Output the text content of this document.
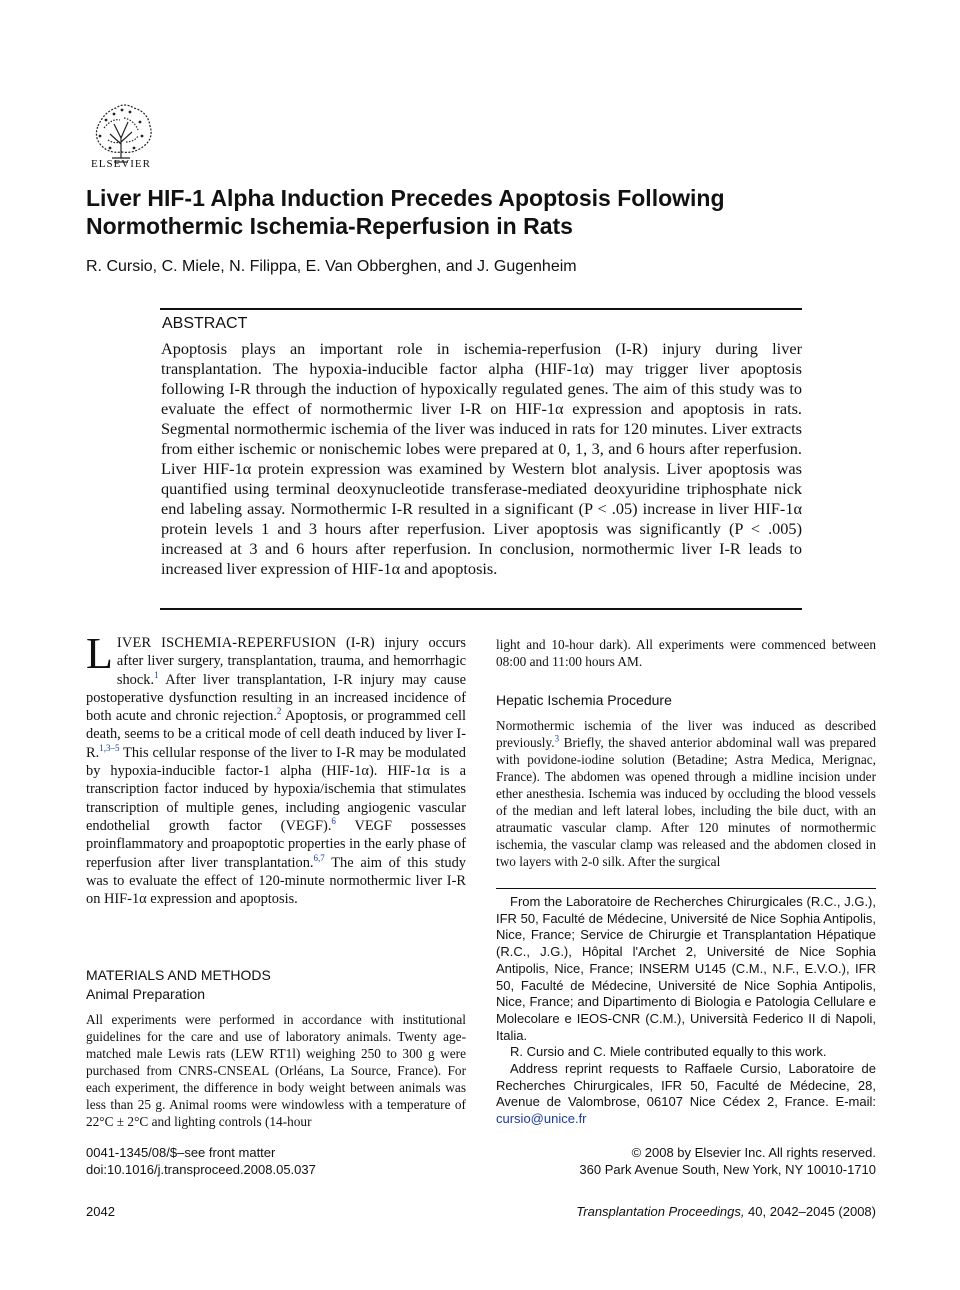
ELSEVIER
Liver HIF-1 Alpha Induction Precedes Apoptosis Following Normothermic Ischemia-Reperfusion in Rats
R. Cursio, C. Miele, N. Filippa, E. Van Obberghen, and J. Gugenheim
ABSTRACT

Apoptosis plays an important role in ischemia-reperfusion (I-R) injury during liver transplantation. The hypoxia-inducible factor alpha (HIF-1α) may trigger liver apoptosis following I-R through the induction of hypoxically regulated genes. The aim of this study was to evaluate the effect of normothermic liver I-R on HIF-1α expression and apoptosis in rats. Segmental normothermic ischemia of the liver was induced in rats for 120 minutes. Liver extracts from either ischemic or nonischemic lobes were prepared at 0, 1, 3, and 6 hours after reperfusion. Liver HIF-1α protein expression was examined by Western blot analysis. Liver apoptosis was quantified using terminal deoxynucleotide transferase-mediated deoxyuridine triphosphate nick end labeling assay. Normothermic I-R resulted in a significant (P < .05) increase in liver HIF-1α protein levels 1 and 3 hours after reperfusion. Liver apoptosis was significantly (P < .005) increased at 3 and 6 hours after reperfusion. In conclusion, normothermic liver I-R leads to increased liver expression of HIF-1α and apoptosis.

LIVER ISCHEMIA-REPERFUSION (I-R) injury occurs after liver surgery, transplantation, trauma, and hemorrhagic shock.$^1$ After liver transplantation, I-R injury may cause postoperative dysfunction resulting in an increased incidence of both acute and chronic rejection.$^2$ Apoptosis, or programmed cell death, seems to be a critical mode of cell death induced by liver I-R.$^{1,3-5}$ This cellular response of the liver to I-R may be modulated by hypoxia-inducible factor-1 alpha (HIF-1α). HIF-1α is a transcription factor induced by hypoxia/ischemia that stimulates transcription of multiple genes, including angiogenic vascular endothelial growth factor (VEGF).$^6$ VEGF possesses proinflammatory and proapoptotic properties in the early phase of reperfusion after liver transplantation.$^{6,7}$ The aim of this study was to evaluate the effect of 120-minute normothermic liver I-R on HIF-1α expression and apoptosis.

MATERIALS AND METHODS
Animal Preparation

All experiments were performed in accordance with institutional guidelines for the care and use of laboratory animals. Twenty age-matched male Lewis rats (LEW RT1l) weighing 250 to 300 g were purchased from CNRS-CNSEAL (Orléans, La Source, France). For each experiment, the difference in body weight between animals was less than 25 g. Animal rooms were windowless with a temperature of 22°C ± 2°C and lighting controls (14-hour

light and 10-hour dark). All experiments were commenced between 08:00 and 11:00 hours AM.

Hepatic Ischemia Procedure

Normothermic ischemia of the liver was induced as described previously.$^3$ Briefly, the shaved anterior abdominal wall was prepared with povidone-iodine solution (Betadine; Astra Medica, Merignac, France). The abdomen was opened through a midline incision under ether anesthesia. Ischemia was induced by occluding the blood vessels of the median and left lateral lobes, including the bile duct, with an atraumatic vascular clamp. After 120 minutes of normothermic ischemia, the vascular clamp was released and the abdomen closed in two layers with 2-0 silk. After the surgical

From the Laboratoire de Recherches Chirurgicales (R.C., J.G.), IFR 50, Faculté de Médecine, Université de Nice Sophia Antipolis, Nice, France; Service de Chirurgie et Transplantation Hépatique (R.C., J.G.), Hôpital l'Archet 2, Université de Nice Sophia Antipolis, Nice, France; INSERM U145 (C.M., N.F., E.V.O.), IFR 50, Faculté de Médecine, Université de Nice Sophia Antipolis, Nice, France; and Dipartimento di Biologia e Patologia Cellulare e Molecolare e IEOS-CNR (C.M.), Università Federico II di Napoli, Italia.
R. Cursio and C. Miele contributed equally to this work.
Address reprint requests to Raffaele Cursio, Laboratoire de Recherches Chirurgicales, IFR 50, Faculté de Médecine, 28, Avenue de Valombrose, 06107 Nice Cédex 2, France. E-mail: cursio@unice.fr
0041-1345/08/$–see front matter
doi:10.1016/j.transproceed.2008.05.037
© 2008 by Elsevier Inc. All rights reserved.
360 Park Avenue South, New York, NY 10010-1710
2042	Transplantation Proceedings, 40, 2042–2045 (2008)
